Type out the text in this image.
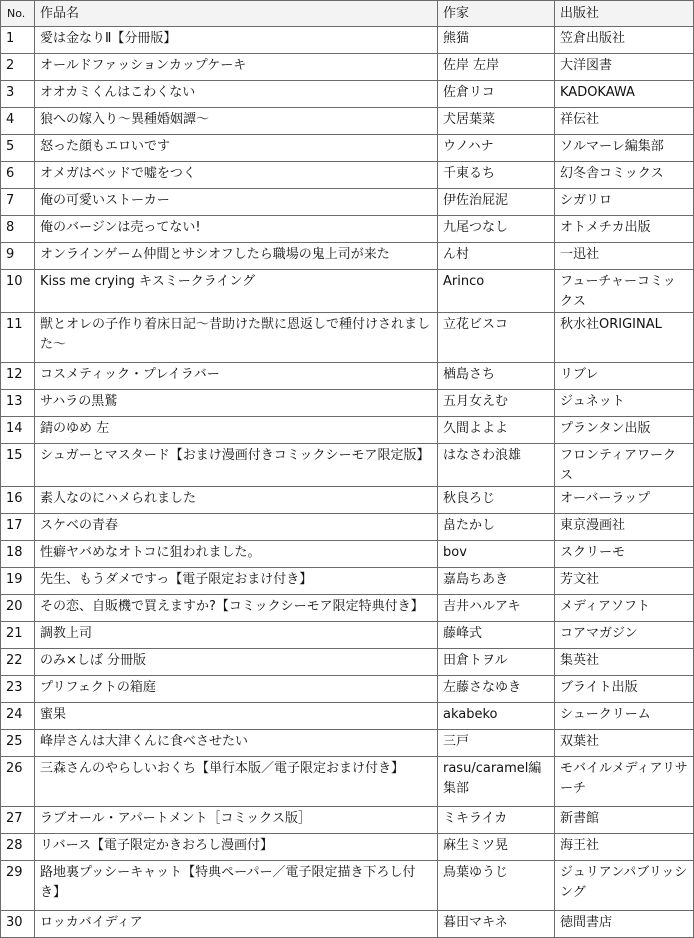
No.	作品名	作家	出版社
1	愛は金なりⅡ【分冊版】	熊猫	笠倉出版社
2	オールドファッションカップケーキ	佐岸 左岸	大洋図書
3	オオカミくんはこわくない	佐倉リコ	KADOKAWA
4	狼への嫁入り～異種婚姻譚～	犬居葉菜	祥伝社
5	怒った顔もエロいです	ウノハナ	ソルマーレ編集部
6	オメガはベッドで嘘をつく	千東るち	幻冬舎コミックス
7	俺の可愛いストーカー	伊佐治屁泥	シガリロ
8	俺のバージンは売ってない!	九尾つなし	オトメチカ出版
9	オンラインゲーム仲間とサシオフしたら職場の鬼上司が来た	ん村	一迅社
10	Kiss me crying キスミークライング	Arinco	フューチャーコミックス
11	獣とオレの子作り着床日記～昔助けた獣に恩返しで種付けされました～	立花ビスコ	秋水社ORIGINAL
12	コスメティック・プレイラバー	楢島さち	リブレ
13	サハラの黒鷲	五月女えむ	ジュネット
14	錆のゆめ 左	久間よよよ	プランタン出版
15	シュガーとマスタード【おまけ漫画付きコミックシーモア限定版】	はなさわ浪雄	フロンティアワークス
16	素人なのにハメられました	秋良ろじ	オーバーラップ
17	スケベの青春	畠たかし	東京漫画社
18	性癖ヤバめなオトコに狙われました。	bov	スクリーモ
19	先生、もうダメですっ【電子限定おまけ付き】	嘉島ちあき	芳文社
20	その恋、自販機で買えますか?【コミックシーモア限定特典付き】	吉井ハルアキ	メディアソフト
21	調教上司	藤峰式	コアマガジン
22	のみ×しば 分冊版	田倉トヲル	集英社
23	プリフェクトの箱庭	左藤さなゆき	ブライト出版
24	蜜果	akabeko	シュークリーム
25	峰岸さんは大津くんに食べさせたい	三戸	双葉社
26	三森さんのやらしいおくち【単行本版／電子限定おまけ付き】	rasu/caramel編集部	モバイルメディアリサーチ
27	ラブオール・アパートメント［コミックス版］	ミキライカ	新書館
28	リバース【電子限定かきおろし漫画付】	麻生ミツ晃	海王社
29	路地裏プッシーキャット【特典ペーパー／電子限定描き下ろし付き】	鳥葉ゆうじ	ジュリアンパブリッシング
30	ロッカバイディア	暮田マキネ	徳間書店
